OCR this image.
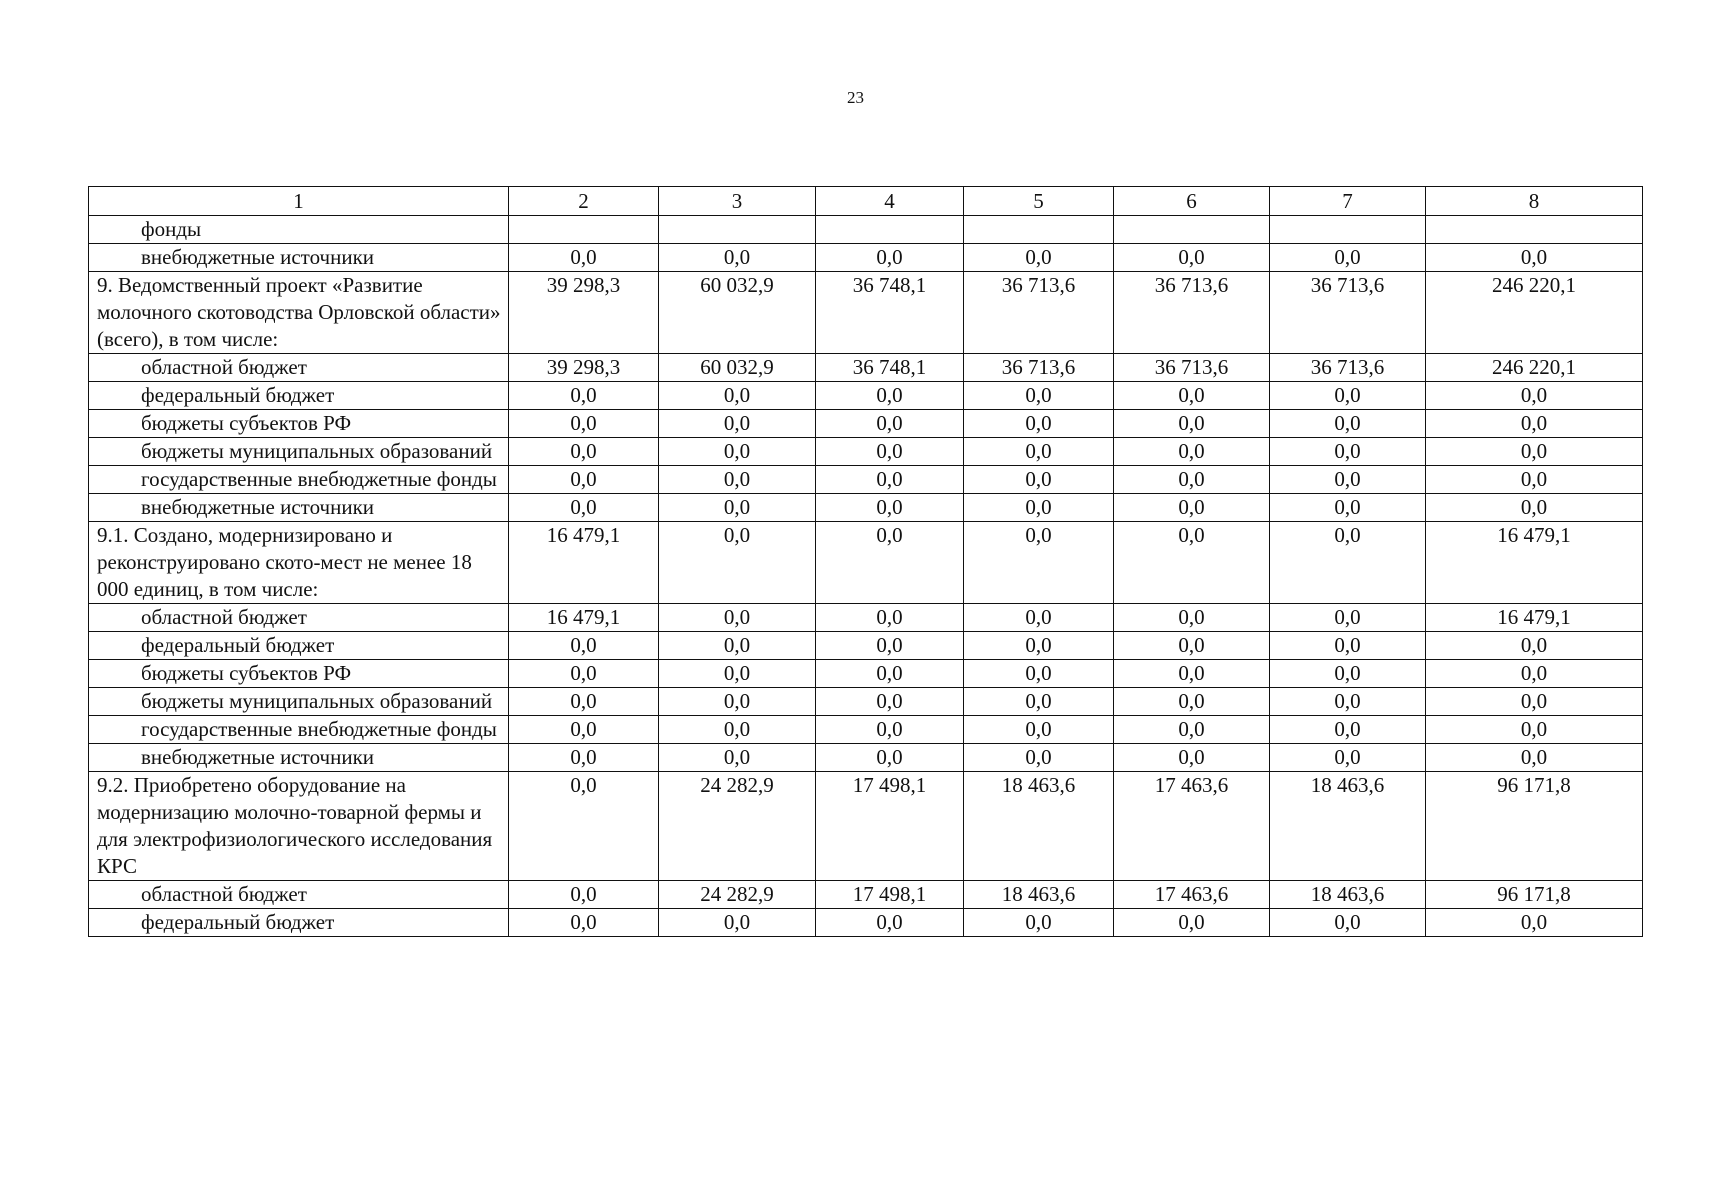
23
1	2	3	4	5	6	7	8
фонды							
внебюджетные источники	0,0	0,0	0,0	0,0	0,0	0,0	0,0
9. Ведомственный проект «Развитие молочного скотоводства Орловской области» (всего), в том числе:	39 298,3	60 032,9	36 748,1	36 713,6	36 713,6	36 713,6	246 220,1
областной бюджет	39 298,3	60 032,9	36 748,1	36 713,6	36 713,6	36 713,6	246 220,1
федеральный бюджет	0,0	0,0	0,0	0,0	0,0	0,0	0,0
бюджеты субъектов РФ	0,0	0,0	0,0	0,0	0,0	0,0	0,0
бюджеты муниципальных образований	0,0	0,0	0,0	0,0	0,0	0,0	0,0
государственные внебюджетные фонды	0,0	0,0	0,0	0,0	0,0	0,0	0,0
внебюджетные источники	0,0	0,0	0,0	0,0	0,0	0,0	0,0
9.1. Создано, модернизировано и реконструировано ското-мест не менее 18 000 единиц, в том числе:	16 479,1	0,0	0,0	0,0	0,0	0,0	16 479,1
областной бюджет	16 479,1	0,0	0,0	0,0	0,0	0,0	16 479,1
федеральный бюджет	0,0	0,0	0,0	0,0	0,0	0,0	0,0
бюджеты субъектов РФ	0,0	0,0	0,0	0,0	0,0	0,0	0,0
бюджеты муниципальных образований	0,0	0,0	0,0	0,0	0,0	0,0	0,0
государственные внебюджетные фонды	0,0	0,0	0,0	0,0	0,0	0,0	0,0
внебюджетные источники	0,0	0,0	0,0	0,0	0,0	0,0	0,0
9.2. Приобретено оборудование на модернизацию молочно-товарной фермы и для электрофизиологического исследования КРС	0,0	24 282,9	17 498,1	18 463,6	17 463,6	18 463,6	96 171,8
областной бюджет	0,0	24 282,9	17 498,1	18 463,6	17 463,6	18 463,6	96 171,8
федеральный бюджет	0,0	0,0	0,0	0,0	0,0	0,0	0,0
